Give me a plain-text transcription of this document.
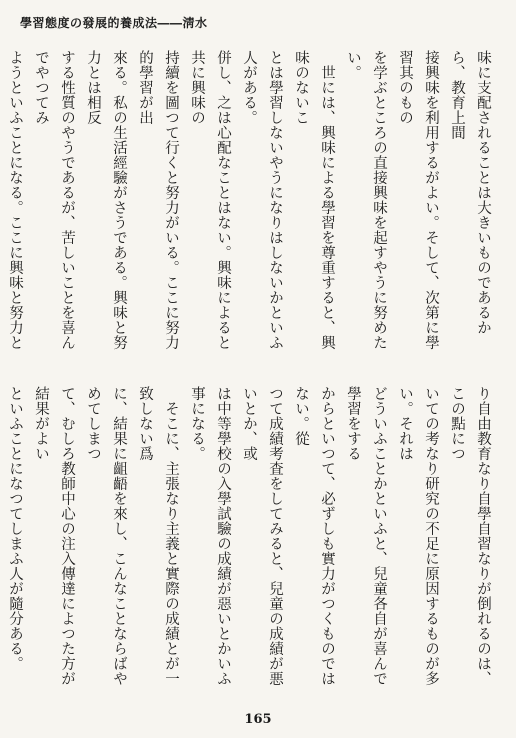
學習態度の發展的養成法――淸水

味に支配されることは大きいものであるから、教育上間

接興味を利用するがよい。そして、次第に學習其のもの

を学ぶところの直接興味を起すやうに努めたい。

　世には、興味による學習を尊重すると、興味のないこ

とは學習しないやうになりはしないかといふ人がある。

併し、之は心配なことはない。興味によると共に興味の

持續を圖つて行くと努力がいる。ここに努力的學習が出

來る。私の生活經驗がさうである。興味と努力とは相反

する性質のやうであるが、苦しいことを喜んでやつてみ

ようといふことになる。ここに興味と努力と

り自由教育なり自學自習なりが倒れるのは、この點につ

いての考なり研究の不足に原因するものが多い。それは

どういふことかといふと、兒童各自が喜んで學習をする

からといつて、必ずしも實力がつくものではない。從

つて成績考査をしてみると、兒童の成績が悪いとか、或

は中等學校の入學試驗の成績が惡いとかいふ事になる。

　そこに、主張なり主義と實際の成績とが一致しない爲

に、結果に齟齬を來し、こんなことならばやめてしまつ

て、むしろ教師中心の注入傳達によつた方が結果がよい

といふことになつてしまふ人が隨分ある。

165
